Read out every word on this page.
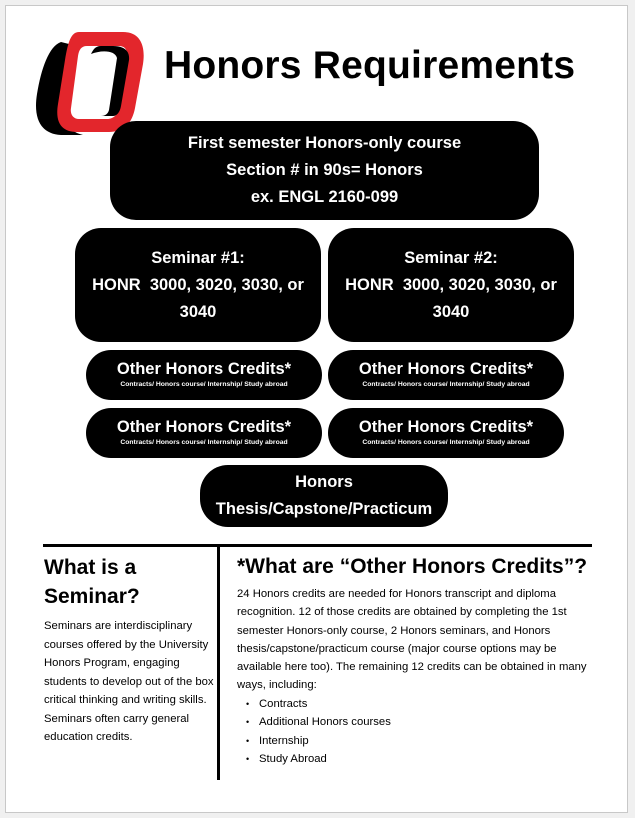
Honors Requirements
First semester Honors-only course
Section # in 90s= Honors
ex. ENGL 2160-099
Seminar #1:
HONR  3000, 3020, 3030, or 3040
Seminar #2:
HONR  3000, 3020, 3030, or 3040
Other Honors Credits*
Contracts/ Honors course/ Internship/ Study abroad
Other Honors Credits*
Contracts/ Honors course/ Internship/ Study abroad
Other Honors Credits*
Contracts/ Honors course/ Internship/ Study abroad
Other Honors Credits*
Contracts/ Honors course/ Internship/ Study abroad
Honors
Thesis/Capstone/Practicum
What is a Seminar?

Seminars are interdisciplinary courses offered by the University Honors Program, engaging students to develop out of the box critical thinking and writing skills. Seminars often carry general education credits.

*What are “Other Honors Credits”?

24 Honors credits are needed for Honors transcript and diploma recognition. 12 of those credits are obtained by completing the 1st semester Honors-only course, 2 Honors seminars, and Honors thesis/capstone/practicum course (major course options may be available here too). The remaining 12 credits can be obtained in many ways, including:

• Contracts
• Additional Honors courses
• Internship
• Study Abroad
